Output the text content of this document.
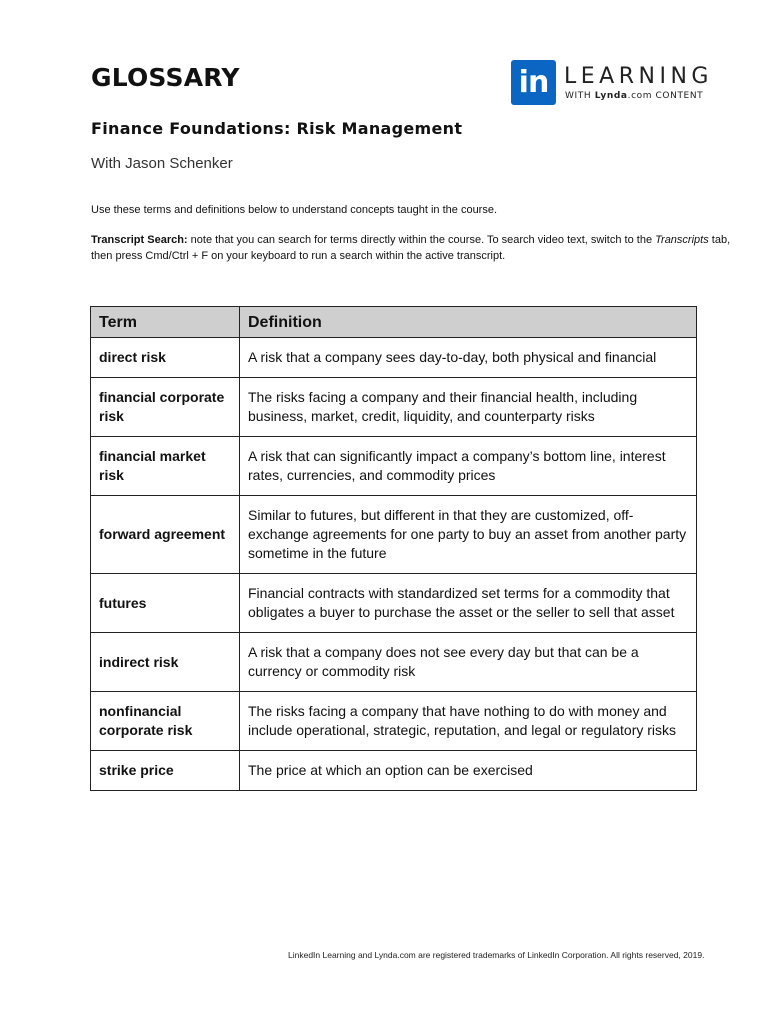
GLOSSARY	in LEARNING
WITH Lynda.com CONTENT
Finance Foundations: Risk Management
With Jason Schenker
Use these terms and definitions below to understand concepts taught in the course.
Transcript Search: note that you can search for terms directly within the course. To search video text, switch to the Transcripts tab, then press Cmd/Ctrl + F on your keyboard to run a search within the active transcript.
Term	Definition
direct risk	A risk that a company sees day-to-day, both physical and financial
financial corporate risk	The risks facing a company and their financial health, including business, market, credit, liquidity, and counterparty risks
financial market risk	A risk that can significantly impact a company’s bottom line, interest rates, currencies, and commodity prices
forward agreement	Similar to futures, but different in that they are customized, off-exchange agreements for one party to buy an asset from another party sometime in the future
futures	Financial contracts with standardized set terms for a commodity that obligates a buyer to purchase the asset or the seller to sell that asset
indirect risk	A risk that a company does not see every day but that can be a currency or commodity risk
nonfinancial corporate risk	The risks facing a company that have nothing to do with money and include operational, strategic, reputation, and legal or regulatory risks
strike price	The price at which an option can be exercised
LinkedIn Learning and Lynda.com are registered trademarks of LinkedIn Corporation. All rights reserved, 2019.
